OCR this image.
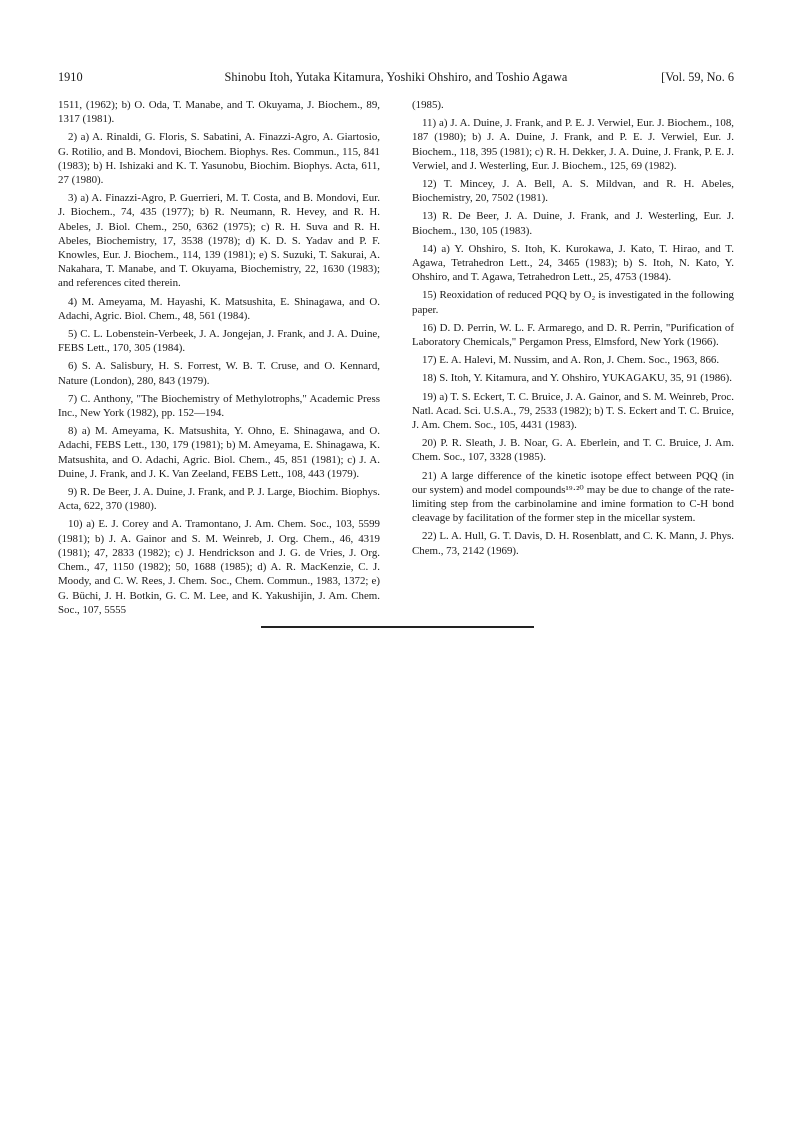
1910	Shinobu Itoh, Yutaka Kitamura, Yoshiki Ohshiro, and Toshio Agawa	[Vol. 59, No. 6

1511, (1962); b) O. Oda, T. Manabe, and T. Okuyama, J. Biochem., 89, 1317 (1981).

2) a) A. Rinaldi, G. Floris, S. Sabatini, A. Finazzi-Agro, A. Giartosio, G. Rotilio, and B. Mondovi, Biochem. Biophys. Res. Commun., 115, 841 (1983); b) H. Ishizaki and K. T. Yasunobu, Biochim. Biophys. Acta, 611, 27 (1980).

3) a) A. Finazzi-Agro, P. Guerrieri, M. T. Costa, and B. Mondovi, Eur. J. Biochem., 74, 435 (1977); b) R. Neumann, R. Hevey, and R. H. Abeles, J. Biol. Chem., 250, 6362 (1975); c) R. H. Suva and R. H. Abeles, Biochemistry, 17, 3538 (1978); d) K. D. S. Yadav and P. F. Knowles, Eur. J. Biochem., 114, 139 (1981); e) S. Suzuki, T. Sakurai, A. Nakahara, T. Manabe, and T. Okuyama, Biochemistry, 22, 1630 (1983); and references cited therein.

4) M. Ameyama, M. Hayashi, K. Matsushita, E. Shinagawa, and O. Adachi, Agric. Biol. Chem., 48, 561 (1984).

5) C. L. Lobenstein-Verbeek, J. A. Jongejan, J. Frank, and J. A. Duine, FEBS Lett., 170, 305 (1984).

6) S. A. Salisbury, H. S. Forrest, W. B. T. Cruse, and O. Kennard, Nature (London), 280, 843 (1979).

7) C. Anthony, "The Biochemistry of Methylotrophs," Academic Press Inc., New York (1982), pp. 152—194.

8) a) M. Ameyama, K. Matsushita, Y. Ohno, E. Shinagawa, and O. Adachi, FEBS Lett., 130, 179 (1981); b) M. Ameyama, E. Shinagawa, K. Matsushita, and O. Adachi, Agric. Biol. Chem., 45, 851 (1981); c) J. A. Duine, J. Frank, and J. K. Van Zeeland, FEBS Lett., 108, 443 (1979).

9) R. De Beer, J. A. Duine, J. Frank, and P. J. Large, Biochim. Biophys. Acta, 622, 370 (1980).

10) a) E. J. Corey and A. Tramontano, J. Am. Chem. Soc., 103, 5599 (1981); b) J. A. Gainor and S. M. Weinreb, J. Org. Chem., 46, 4319 (1981); 47, 2833 (1982); c) J. Hendrickson and J. G. de Vries, J. Org. Chem., 47, 1150 (1982); 50, 1688 (1985); d) A. R. MacKenzie, C. J. Moody, and C. W. Rees, J. Chem. Soc., Chem. Commun., 1983, 1372; e) G. Büchi, J. H. Botkin, G. C. M. Lee, and K. Yakushijin, J. Am. Chem. Soc., 107, 5555

(1985).

11) a) J. A. Duine, J. Frank, and P. E. J. Verwiel, Eur. J. Biochem., 108, 187 (1980); b) J. A. Duine, J. Frank, and P. E. J. Verwiel, Eur. J. Biochem., 118, 395 (1981); c) R. H. Dekker, J. A. Duine, J. Frank, P. E. J. Verwiel, and J. Westerling, Eur. J. Biochem., 125, 69 (1982).

12) T. Mincey, J. A. Bell, A. S. Mildvan, and R. H. Abeles, Biochemistry, 20, 7502 (1981).

13) R. De Beer, J. A. Duine, J. Frank, and J. Westerling, Eur. J. Biochem., 130, 105 (1983).

14) a) Y. Ohshiro, S. Itoh, K. Kurokawa, J. Kato, T. Hirao, and T. Agawa, Tetrahedron Lett., 24, 3465 (1983); b) S. Itoh, N. Kato, Y. Ohshiro, and T. Agawa, Tetrahedron Lett., 25, 4753 (1984).

15) Reoxidation of reduced PQQ by O₂ is investigated in the following paper.

16) D. D. Perrin, W. L. F. Armarego, and D. R. Perrin, "Purification of Laboratory Chemicals," Pergamon Press, Elmsford, New York (1966).

17) E. A. Halevi, M. Nussim, and A. Ron, J. Chem. Soc., 1963, 866.

18) S. Itoh, Y. Kitamura, and Y. Ohshiro, YUKAGAKU, 35, 91 (1986).

19) a) T. S. Eckert, T. C. Bruice, J. A. Gainor, and S. M. Weinreb, Proc. Natl. Acad. Sci. U.S.A., 79, 2533 (1982); b) T. S. Eckert and T. C. Bruice, J. Am. Chem. Soc., 105, 4431 (1983).

20) P. R. Sleath, J. B. Noar, G. A. Eberlein, and T. C. Bruice, J. Am. Chem. Soc., 107, 3328 (1985).

21) A large difference of the kinetic isotope effect between PQQ (in our system) and model compounds¹⁹·²⁰ may be due to change of the rate-limiting step from the carbinolamine and imine formation to C-H bond cleavage by facilitation of the former step in the micellar system.

22) L. A. Hull, G. T. Davis, D. H. Rosenblatt, and C. K. Mann, J. Phys. Chem., 73, 2142 (1969).
